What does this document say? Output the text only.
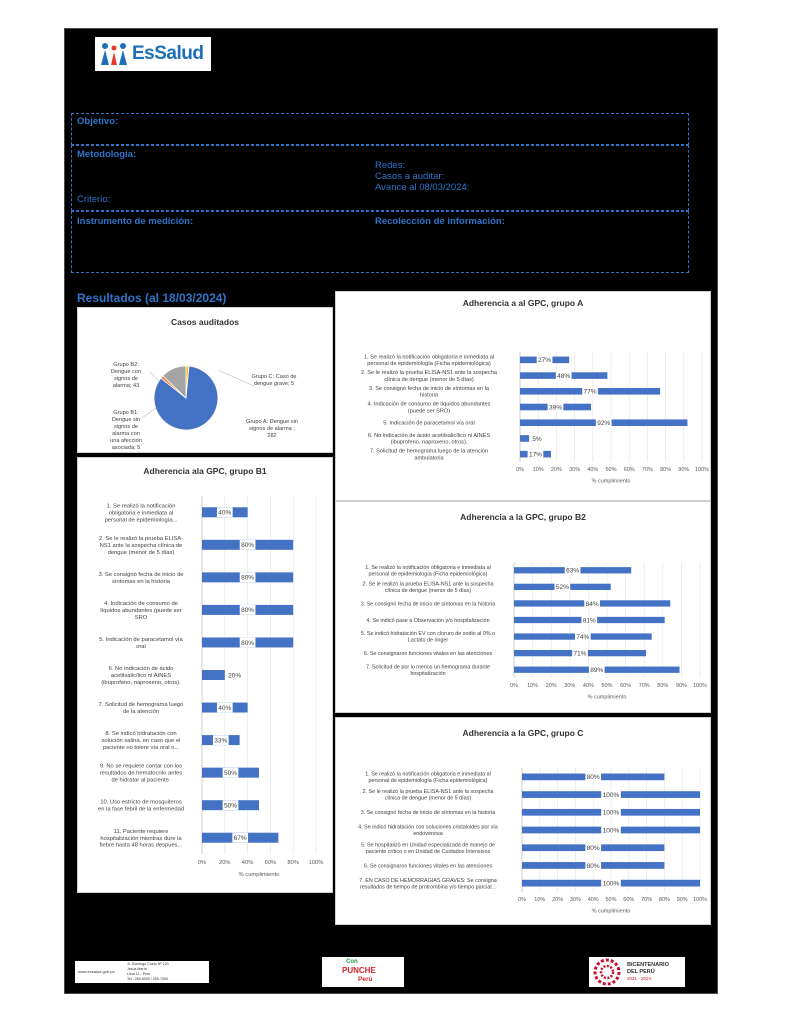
EsSalud
Objetivo:
Metodología:
Redes:
Casos a auditar:
Avance al 08/03/2024:
Criterio:
Instrumento de medición:	Recolección de información:
Resultados (al 18/03/2024)
Casos auditados
Grupo A: Dengue sin
signos de alarma ;
282
Grupo B1:
Dengue sin
signos de
alarma con
una afección
asociada; 5
Grupo B2:
Dengue con
signos de
alarma; 43
Grupo C: Caso de
dengue grave; 5
Adherencia a al GPC, grupo A
0% 10% 20% 30% 40% 50% 60% 70% 80% 90% 100%
27%
1. Se realizó la notificación obligatoria e inmediata al
personal de epidemiología (Ficha epidemiológica)
48%
2. Se le realizó la prueba ELISA-NS1 ante la sospecha
clínica de dengue (menor de 5 días)
77%
3. Se consignó fecha de inicio de síntomas en la
historia
39%
4. Indicación de consumo de líquidos abundantes
(puede ser SRO)
92%
5. Indicación de paracetamol vía oral
5%
6. No indicación de ácido acetilsalicílico ni AINES
(ibuprofeno, naproxeno, otros).
17%
7. Solicitud de hemograma luego de la atención
ambulatoria
% cumplimiento
Adherencia ala GPC, grupo B1
0% 20% 40% 60% 80% 100%
40%
1. Se realizó la notificación
obligatoria e inmediata al
personal de epidemiología...
80%
2. Se le realizó la prueba ELISA-
NS1 ante la sospecha clínica de
dengue (menor de 5 días)
80%
3. Se consignó fecha de inicio de
síntomas en la historia
80%
4. Indicación de consumo de
líquidos abundantes (puede ser
SRO
80%
5. Indicación de paracetamol vía
oral
20%
6. No indicación de ácido
acetilsalicílico ni AINES
(ibuprofeno, naproxeno, otros).
40%
7. Solicitud de hemograma luego
de la atención
33%
8. Se indicó hidratación con
solución salina, en caso que el
paciente no tolere vía oral o...
50%
9. No se requiere contar con los
resultados de hematocrito antes
de hidratar al paciente.
50%
10. Uso estricto de mosquiteros
en la fase febril de la enfermedad
67%
11. Paciente requiere
hospitalización mientras dure la
fiebre hasta 48 horas despues...
% cumplimiento
Adherencia a la GPC, grupo B2
0% 10% 20% 30% 40% 50% 60% 70% 80% 90% 100%
63%
1. Se realizó la notificación obligatoria e inmediata al
personal de epidemiología (Ficha epidemiológica)
52%
2. Se le realizó la prueba ELISA-NS1 ante la sospecha
clínica de dengue (menor de 5 días)
84%
3. Se consignó fecha de inicio de síntomas en la historia
81%
4. Se indicó pase a Observación y/o hospitalización
74%
5. Se indicó hidratación EV con cloruro de sodio al 9% o
Lactato de ringer
71%
6. Se consignaron funciones vitales en las atenciones
89%
7. Solicitud de por lo menos un hemograma durante
hospitalización
% cumplimiento
Adherencia a la GPC, grupo C
0% 10% 20% 30% 40% 50% 60% 70% 80% 90% 100%
80%
1. Se realizó la notificación obligatoria e inmediata al
personal de epidemiología (Ficha epidemiológica)
100%
2. Se le realizó la prueba ELISA-NS1 ante la sospecha
clínica de dengue (menor de 5 días)
100%
3. Se consignó fecha de inicio de síntomas en la historia
100%
4. Se indicó hidratación con soluciones cristaloides por vía
endovenosa
80%
5. Se hospitalizó en Unidad especializada de manejo de
paciente crítico o en Unidad de Cuidados Intensivos
80%
6. Se consignaron funciones vitales en las atenciones
100%
7. EN CASO DE HEMORRAGIAS GRAVES: Se consigna
resultados de tiempo de protrombina y/o tiempo parcial...
% cumplimiento
www.essalud.gob.pe
Jr. Domingo Cueto Nº 120
Jesús María
Lima 11 - Perú
Tel.: 265-6000 / 265-7000
Con
PUNCHE
Perú
BICENTENARIO
DEL PERÚ
2021 - 2024
